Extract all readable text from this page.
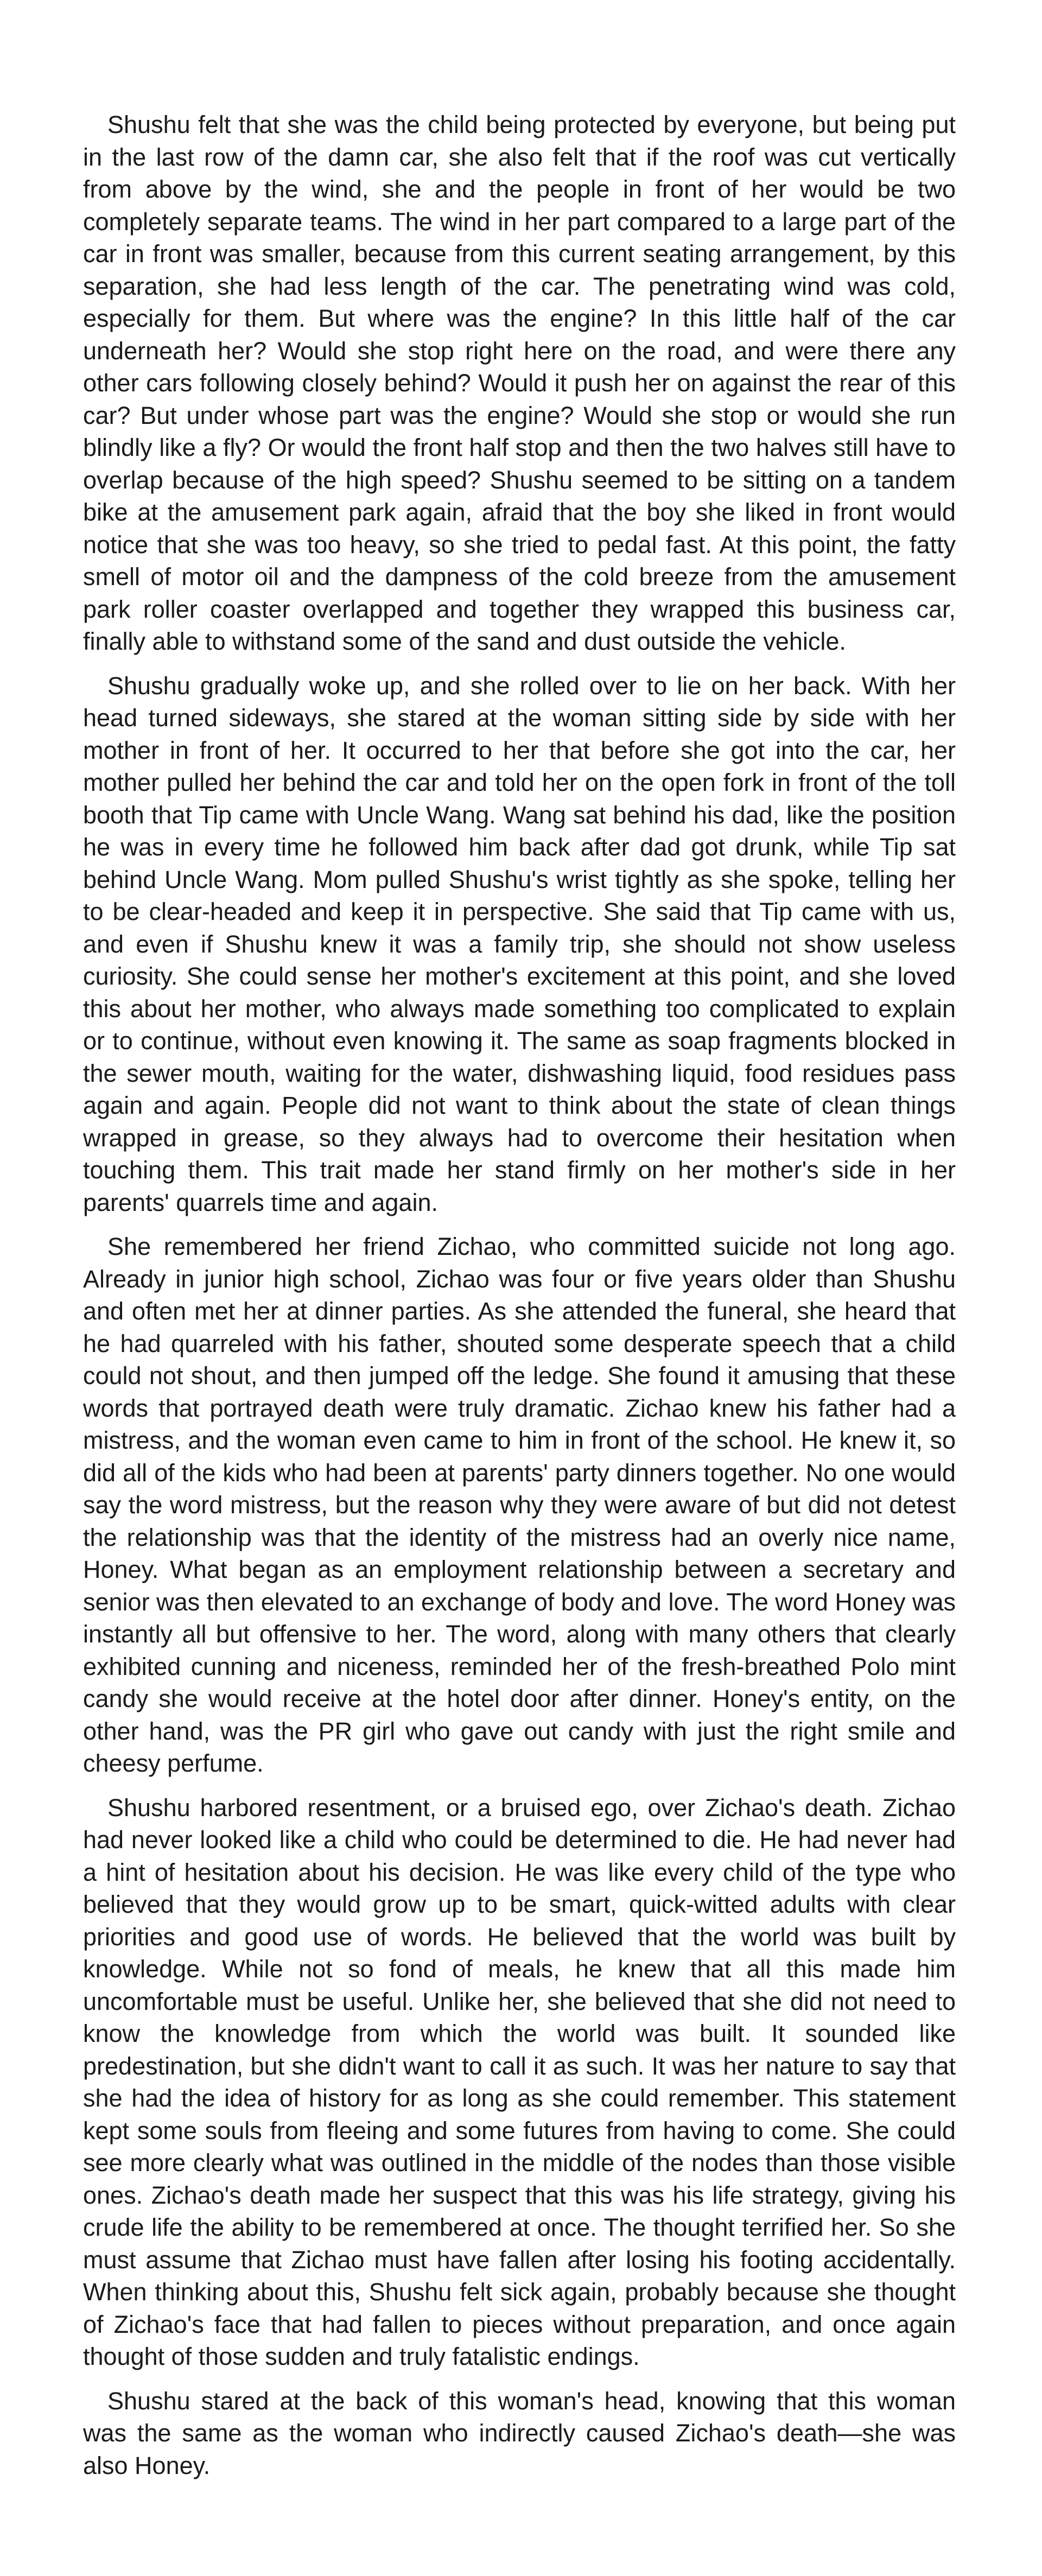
Shushu felt that she was the child being protected by everyone, but being put in the last row of the damn car, she also felt that if the roof was cut vertically from above by the wind, she and the people in front of her would be two completely separate teams. The wind in her part compared to a large part of the car in front was smaller, because from this current seating arrangement, by this separation, she had less length of the car. The penetrating wind was cold, especially for them. But where was the engine? In this little half of the car underneath her? Would she stop right here on the road, and were there any other cars following closely behind? Would it push her on against the rear of this car? But under whose part was the engine? Would she stop or would she run blindly like a fly? Or would the front half stop and then the two halves still have to overlap because of the high speed? Shushu seemed to be sitting on a tandem bike at the amusement park again, afraid that the boy she liked in front would notice that she was too heavy, so she tried to pedal fast. At this point, the fatty smell of motor oil and the dampness of the cold breeze from the amusement park roller coaster overlapped and together they wrapped this business car, finally able to withstand some of the sand and dust outside the vehicle.

Shushu gradually woke up, and she rolled over to lie on her back. With her head turned sideways, she stared at the woman sitting side by side with her mother in front of her. It occurred to her that before she got into the car, her mother pulled her behind the car and told her on the open fork in front of the toll booth that Tip came with Uncle Wang. Wang sat behind his dad, like the position he was in every time he followed him back after dad got drunk, while Tip sat behind Uncle Wang. Mom pulled Shushu's wrist tightly as she spoke, telling her to be clear-headed and keep it in perspective. She said that Tip came with us, and even if Shushu knew it was a family trip, she should not show useless curiosity. She could sense her mother's excitement at this point, and she loved this about her mother, who always made something too complicated to explain or to continue, without even knowing it. The same as soap fragments blocked in the sewer mouth, waiting for the water, dishwashing liquid, food residues pass again and again. People did not want to think about the state of clean things wrapped in grease, so they always had to overcome their hesitation when touching them. This trait made her stand firmly on her mother's side in her parents' quarrels time and again.

She remembered her friend Zichao, who committed suicide not long ago. Already in junior high school, Zichao was four or five years older than Shushu and often met her at dinner parties. As she attended the funeral, she heard that he had quarreled with his father, shouted some desperate speech that a child could not shout, and then jumped off the ledge. She found it amusing that these words that portrayed death were truly dramatic. Zichao knew his father had a mistress, and the woman even came to him in front of the school. He knew it, so did all of the kids who had been at parents' party dinners together. No one would say the word mistress, but the reason why they were aware of but did not detest the relationship was that the identity of the mistress had an overly nice name, Honey. What began as an employment relationship between a secretary and senior was then elevated to an exchange of body and love. The word Honey was instantly all but offensive to her. The word, along with many others that clearly exhibited cunning and niceness, reminded her of the fresh-breathed Polo mint candy she would receive at the hotel door after dinner. Honey's entity, on the other hand, was the PR girl who gave out candy with just the right smile and cheesy perfume.

Shushu harbored resentment, or a bruised ego, over Zichao's death. Zichao had never looked like a child who could be determined to die. He had never had a hint of hesitation about his decision. He was like every child of the type who believed that they would grow up to be smart, quick-witted adults with clear priorities and good use of words. He believed that the world was built by knowledge. While not so fond of meals, he knew that all this made him uncomfortable must be useful. Unlike her, she believed that she did not need to know the knowledge from which the world was built. It sounded like predestination, but she didn't want to call it as such. It was her nature to say that she had the idea of history for as long as she could remember. This statement kept some souls from fleeing and some futures from having to come. She could see more clearly what was outlined in the middle of the nodes than those visible ones. Zichao's death made her suspect that this was his life strategy, giving his crude life the ability to be remembered at once. The thought terrified her. So she must assume that Zichao must have fallen after losing his footing accidentally. When thinking about this, Shushu felt sick again, probably because she thought of Zichao's face that had fallen to pieces without preparation, and once again thought of those sudden and truly fatalistic endings.

Shushu stared at the back of this woman's head, knowing that this woman was the same as the woman who indirectly caused Zichao's death—she was also Honey.
